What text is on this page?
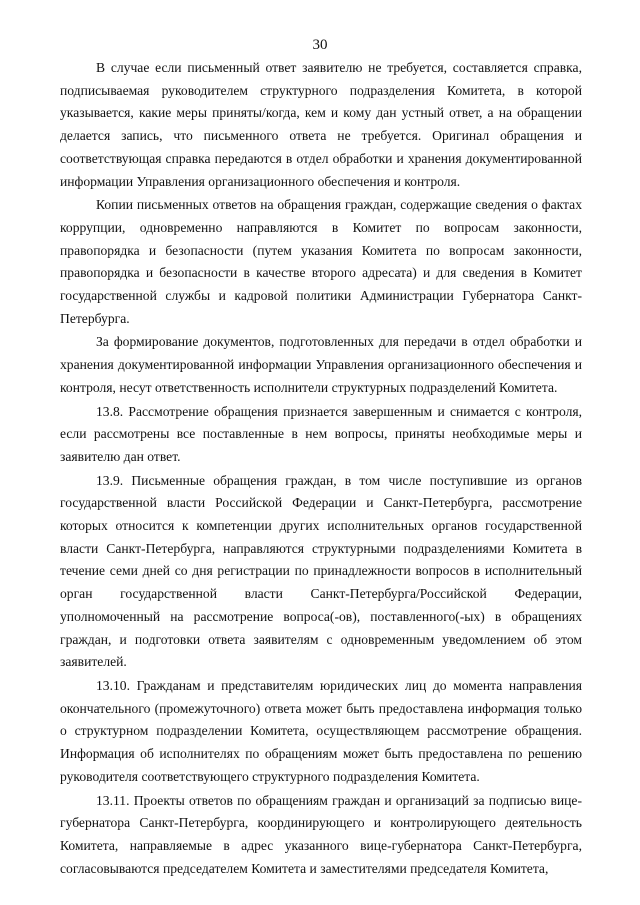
30

В случае если письменный ответ заявителю не требуется, составляется справка, подписываемая руководителем структурного подразделения Комитета, в которой указывается, какие меры приняты/когда, кем и кому дан устный ответ, а на обращении делается запись, что письменного ответа не требуется. Оригинал обращения и соответствующая справка передаются в отдел обработки и хранения документированной информации Управления организационного обеспечения и контроля.

Копии письменных ответов на обращения граждан, содержащие сведения о фактах коррупции, одновременно направляются в Комитет по вопросам законности, правопорядка и безопасности (путем указания Комитета по вопросам законности, правопорядка и безопасности в качестве второго адресата) и для сведения в Комитет государственной службы и кадровой политики Администрации Губернатора Санкт-Петербурга.

За формирование документов, подготовленных для передачи в отдел обработки и хранения документированной информации Управления организационного обеспечения и контроля, несут ответственность исполнители структурных подразделений Комитета.

13.8. Рассмотрение обращения признается завершенным и снимается с контроля, если рассмотрены все поставленные в нем вопросы, приняты необходимые меры и заявителю дан ответ.

13.9. Письменные обращения граждан, в том числе поступившие из органов государственной власти Российской Федерации и Санкт-Петербурга, рассмотрение которых относится к компетенции других исполнительных органов государственной власти Санкт-Петербурга, направляются структурными подразделениями Комитета в течение семи дней со дня регистрации по принадлежности вопросов в исполнительный орган государственной власти Санкт-Петербурга/Российской Федерации, уполномоченный на рассмотрение вопроса(-ов), поставленного(-ых) в обращениях граждан, и подготовки ответа заявителям с одновременным уведомлением об этом заявителей.

13.10. Гражданам и представителям юридических лиц до момента направления окончательного (промежуточного) ответа может быть предоставлена информация только о структурном подразделении Комитета, осуществляющем рассмотрение обращения. Информация об исполнителях по обращениям может быть предоставлена по решению руководителя соответствующего структурного подразделения Комитета.

13.11. Проекты ответов по обращениям граждан и организаций за подписью вице-губернатора Санкт-Петербурга, координирующего и контролирующего деятельность Комитета, направляемые в адрес указанного вице-губернатора Санкт-Петербурга, согласовываются председателем Комитета и заместителями председателя Комитета,
